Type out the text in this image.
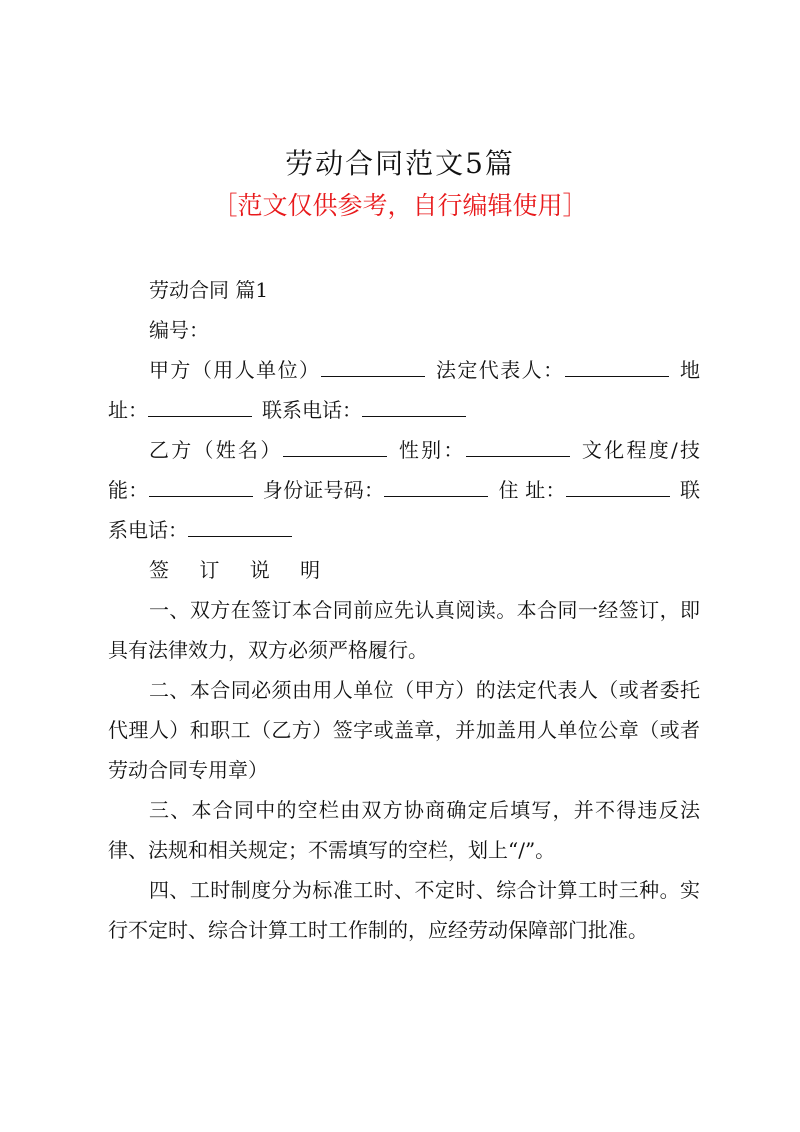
劳动合同范文5篇
［范文仅供参考，自行编辑使用］

劳动合同 篇1

编号：

甲方（用人单位）	法定代表人：	地址：	联系电话：

乙方（姓名）	性别：	文化程度/技能：	身份证号码：	住 址：	联系电话：

签 订 说 明

一、双方在签订本合同前应先认真阅读。本合同一经签订，即具有法律效力，双方必须严格履行。

二、本合同必须由用人单位（甲方）的法定代表人（或者委托代理人）和职工（乙方）签字或盖章，并加盖用人单位公章（或者劳动合同专用章）

三、本合同中的空栏由双方协商确定后填写，并不得违反法律、法规和相关规定；不需填写的空栏，划上“/”。

四、工时制度分为标准工时、不定时、综合计算工时三种。实行不定时、综合计算工时工作制的，应经劳动保障部门批准。
